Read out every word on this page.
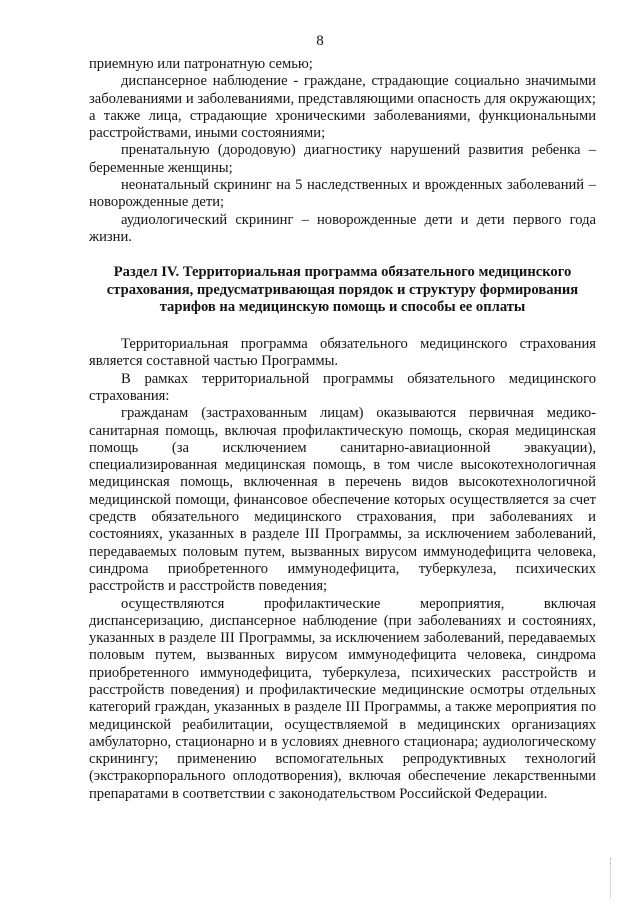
8

приемную или патронатную семью;

диспансерное наблюдение - граждане, страдающие социально значимыми заболеваниями и заболеваниями, представляющими опасность для окружающих; а также лица, страдающие хроническими заболеваниями, функциональными расстройствами, иными состояниями;

пренатальную (дородовую) диагностику нарушений развития ребенка – беременные женщины;

неонатальный скрининг на 5 наследственных и врожденных заболеваний – новорожденные дети;

аудиологический скрининг – новорожденные дети и дети первого года жизни.

Раздел IV. Территориальная программа обязательного медицинского страхования, предусматривающая порядок и структуру формирования тарифов на медицинскую помощь и способы ее оплаты

Территориальная программа обязательного медицинского страхования является составной частью Программы.

В рамках территориальной программы обязательного медицинского страхования:

гражданам (застрахованным лицам) оказываются первичная медико-санитарная помощь, включая профилактическую помощь, скорая медицинская помощь (за исключением санитарно-авиационной эвакуации), специализированная медицинская помощь, в том числе высокотехнологичная медицинская помощь, включенная в перечень видов высокотехнологичной медицинской помощи, финансовое обеспечение которых осуществляется за счет средств обязательного медицинского страхования, при заболеваниях и состояниях, указанных в разделе III Программы, за исключением заболеваний, передаваемых половым путем, вызванных вирусом иммунодефицита человека, синдрома приобретенного иммунодефицита, туберкулеза, психических расстройств и расстройств поведения;

осуществляются профилактические мероприятия, включая диспансеризацию, диспансерное наблюдение (при заболеваниях и состояниях, указанных в разделе III Программы, за исключением заболеваний, передаваемых половым путем, вызванных вирусом иммунодефицита человека, синдрома приобретенного иммунодефицита, туберкулеза, психических расстройств и расстройств поведения) и профилактические медицинские осмотры отдельных категорий граждан, указанных в разделе III Программы, а также мероприятия по медицинской реабилитации, осуществляемой в медицинских организациях амбулаторно, стационарно и в условиях дневного стационара; аудиологическому скринингу; применению вспомогательных репродуктивных технологий (экстракорпорального оплодотворения), включая обеспечение лекарственными препаратами в соответствии с законодательством Российской Федерации.
